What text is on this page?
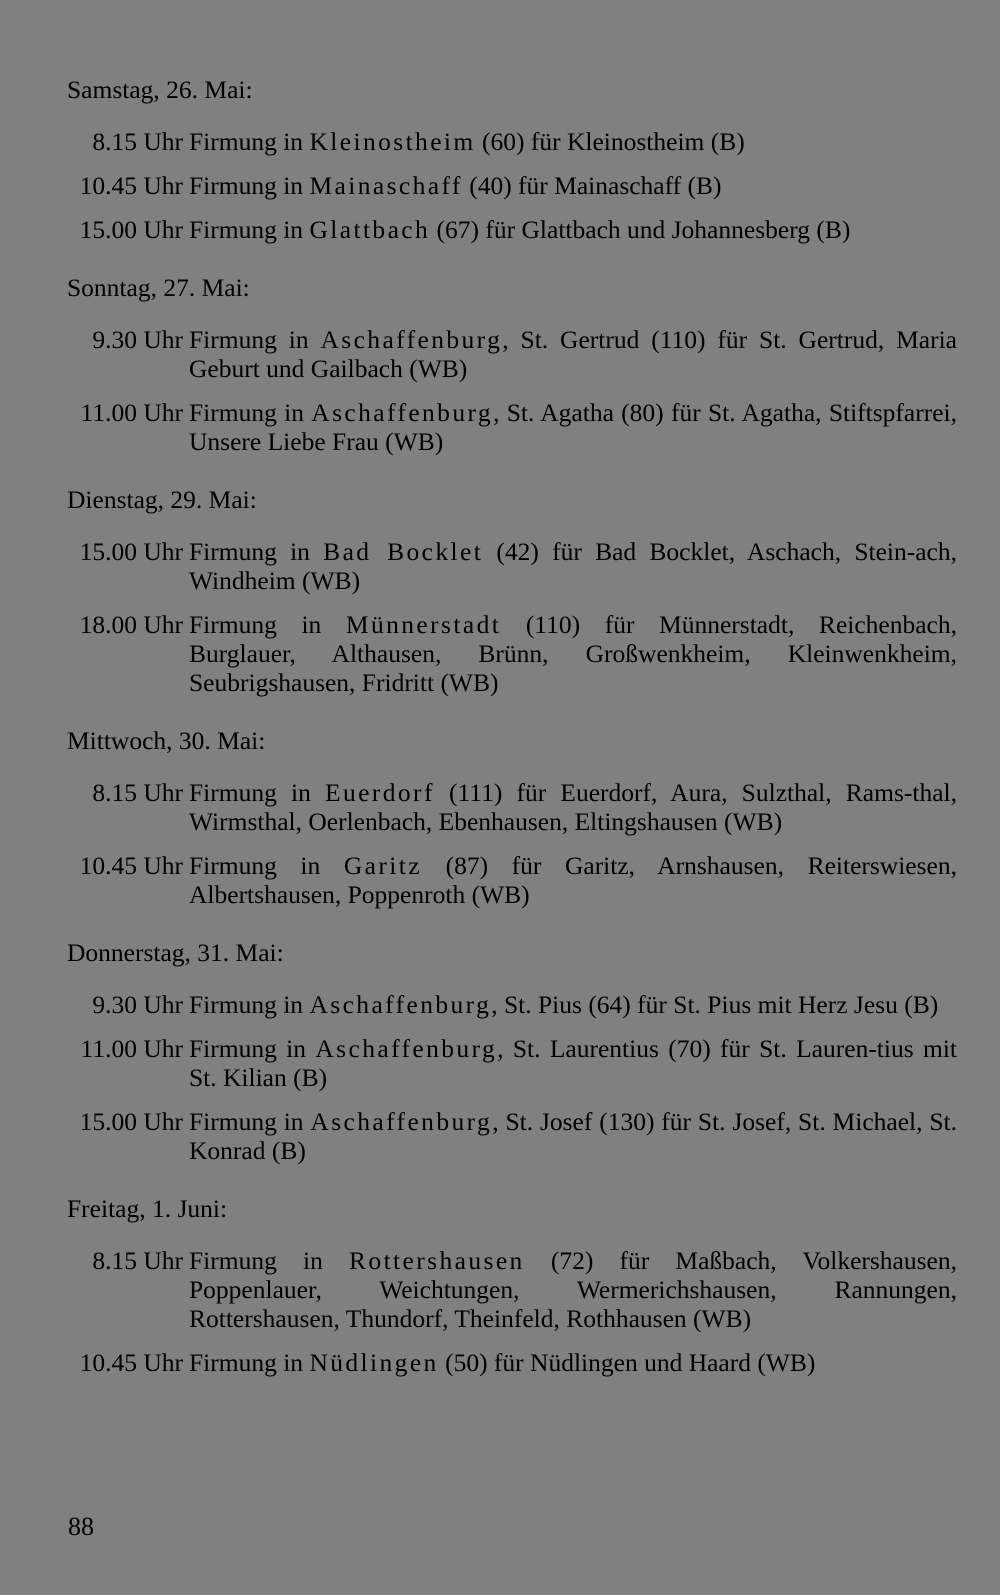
Samstag, 26. Mai:
8.15 Uhr Firmung in Kleinostheim (60) für Kleinostheim (B)
10.45 Uhr Firmung in Mainaschaff (40) für Mainaschaff (B)
15.00 Uhr Firmung in Glattbach (67) für Glattbach und Johannesberg (B)
Sonntag, 27. Mai:
9.30 Uhr Firmung in Aschaffenburg, St. Gertrud (110) für St. Gertrud, Maria Geburt und Gailbach (WB)
11.00 Uhr Firmung in Aschaffenburg, St. Agatha (80) für St. Agatha, Stiftspfarrei, Unsere Liebe Frau (WB)
Dienstag, 29. Mai:
15.00 Uhr Firmung in Bad Bocklet (42) für Bad Bocklet, Aschach, Stein-ach, Windheim (WB)
18.00 Uhr Firmung in Münnerstadt (110) für Münnerstadt, Reichenbach, Burglauer, Althausen, Brünn, Großwenkheim, Kleinwenkheim, Seubrigshausen, Fridritt (WB)
Mittwoch, 30. Mai:
8.15 Uhr Firmung in Euerdorf (111) für Euerdorf, Aura, Sulzthal, Rams-thal, Wirmsthal, Oerlenbach, Ebenhausen, Eltingshausen (WB)
10.45 Uhr Firmung in Garitz (87) für Garitz, Arnshausen, Reiterswiesen, Albertshausen, Poppenroth (WB)
Donnerstag, 31. Mai:
9.30 Uhr Firmung in Aschaffenburg, St. Pius (64) für St. Pius mit Herz Jesu (B)
11.00 Uhr Firmung in Aschaffenburg, St. Laurentius (70) für St. Lauren-tius mit St. Kilian (B)
15.00 Uhr Firmung in Aschaffenburg, St. Josef (130) für St. Josef, St. Michael, St. Konrad (B)
Freitag, 1. Juni:
8.15 Uhr Firmung in Rottershausen (72) für Maßbach, Volkershausen, Poppenlauer, Weichtungen, Wermerichshausen, Rannungen, Rottershausen, Thundorf, Theinfeld, Rothhausen (WB)
10.45 Uhr Firmung in Nüdlingen (50) für Nüdlingen und Haard (WB)
88
